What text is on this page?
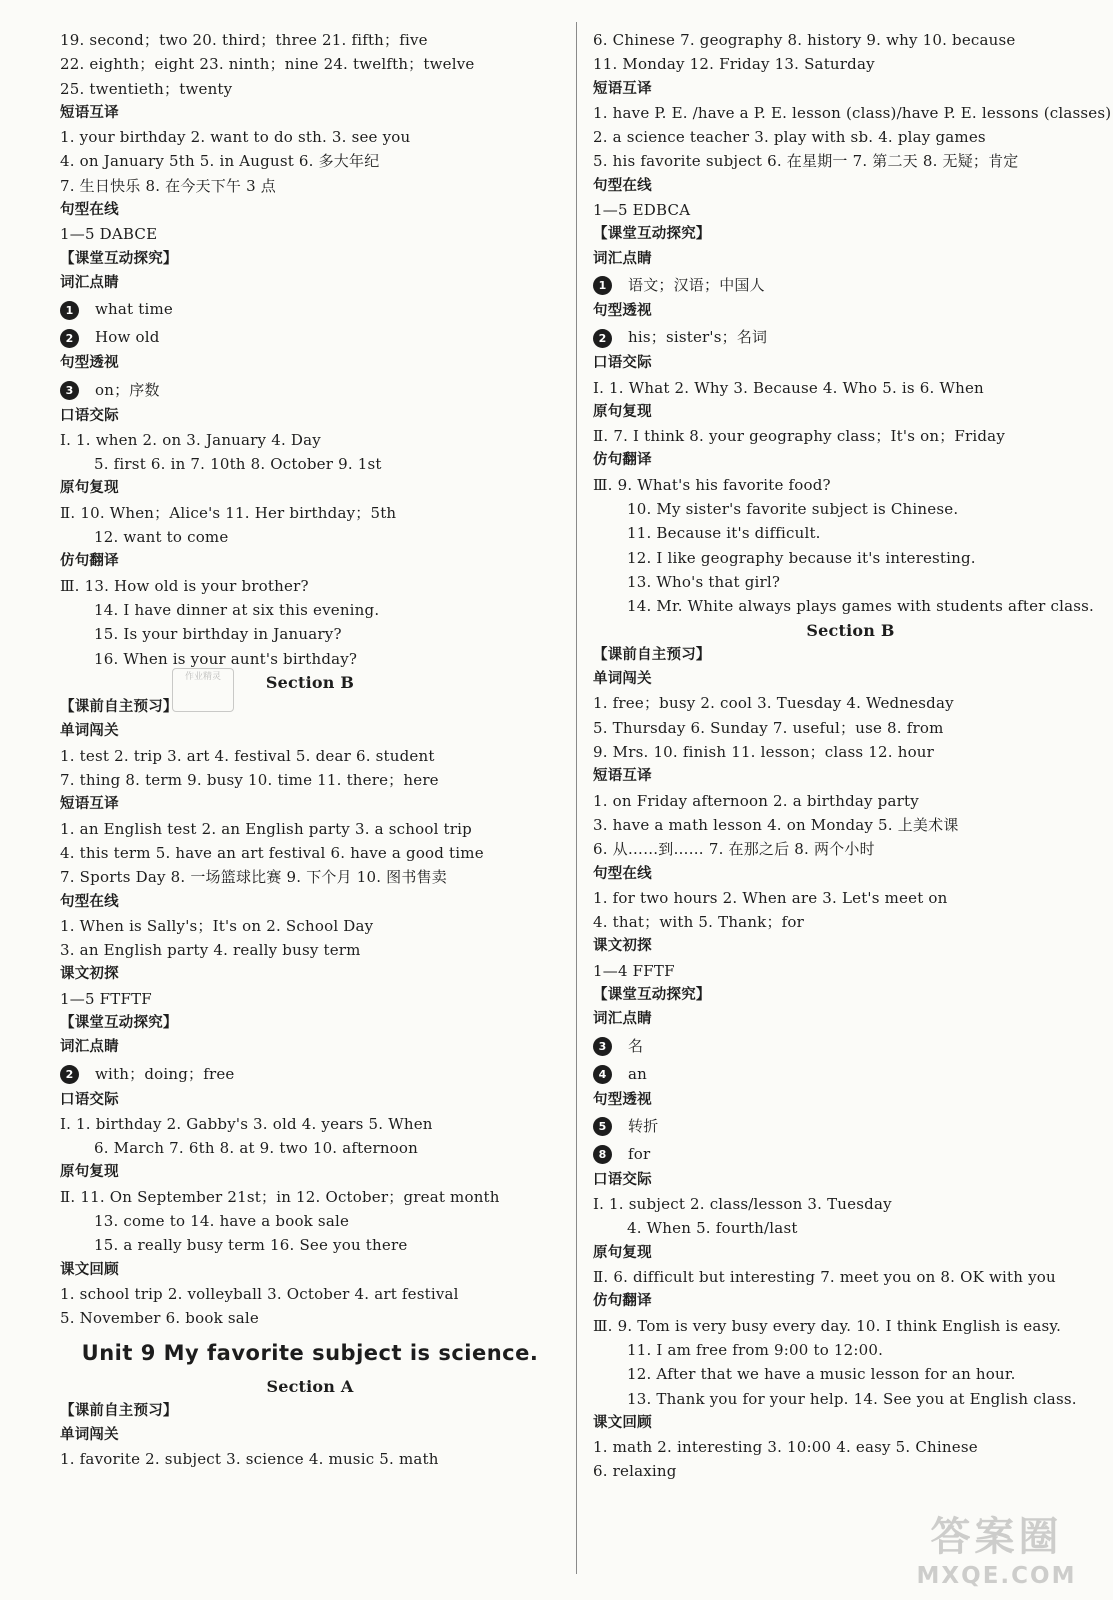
19. second；two 20. third；three 21. fifth；five
22. eighth；eight 23. ninth；nine 24. twelfth；twelve
25. twentieth；twenty
短语互译
1. your birthday 2. want to do sth. 3. see you
4. on January 5th 5. in August 6. 多大年纪
7. 生日快乐 8. 在今天下午 3 点
句型在线
1—5 DABCE
【课堂互动探究】
词汇点睛
1 what time
2 How old
句型透视
3 on；序数
口语交际
Ⅰ. 1. when 2. on 3. January 4. Day
5. first 6. in 7. 10th 8. October 9. 1st
原句复现
Ⅱ. 10. When；Alice's 11. Her birthday；5th
12. want to come
仿句翻译
Ⅲ. 13. How old is your brother?
14. I have dinner at six this evening.
15. Is your birthday in January?
16. When is your aunt's birthday?
Section B
【课前自主预习】
单词闯关
1. test 2. trip 3. art 4. festival 5. dear 6. student
7. thing 8. term 9. busy 10. time 11. there；here
短语互译
1. an English test 2. an English party 3. a school trip
4. this term 5. have an art festival 6. have a good time
7. Sports Day 8. 一场篮球比赛 9. 下个月 10. 图书售卖
句型在线
1. When is Sally's；It's on 2. School Day
3. an English party 4. really busy term
课文初探
1—5 FTFTF
【课堂互动探究】
词汇点睛
2 with；doing；free
口语交际
Ⅰ. 1. birthday 2. Gabby's 3. old 4. years 5. When
6. March 7. 6th 8. at 9. two 10. afternoon
原句复现
Ⅱ. 11. On September 21st；in 12. October；great month
13. come to 14. have a book sale
15. a really busy term 16. See you there
课文回顾
1. school trip 2. volleyball 3. October 4. art festival
5. November 6. book sale
Unit 9 My favorite subject is science.
Section A
【课前自主预习】
单词闯关
1. favorite 2. subject 3. science 4. music 5. math
6. Chinese 7. geography 8. history 9. why 10. because
11. Monday 12. Friday 13. Saturday
短语互译
1. have P. E. /have a P. E. lesson (class)/have P. E. lessons (classes)
2. a science teacher 3. play with sb. 4. play games
5. his favorite subject 6. 在星期一 7. 第二天 8. 无疑；肯定
句型在线
1—5 EDBCA
【课堂互动探究】
词汇点睛
1 语文；汉语；中国人
句型透视
2 his；sister's；名词
口语交际
Ⅰ. 1. What 2. Why 3. Because 4. Who 5. is 6. When
原句复现
Ⅱ. 7. I think 8. your geography class；It's on；Friday
仿句翻译
Ⅲ. 9. What's his favorite food?
10. My sister's favorite subject is Chinese.
11. Because it's difficult.
12. I like geography because it's interesting.
13. Who's that girl?
14. Mr. White always plays games with students after class.
Section B
【课前自主预习】
单词闯关
1. free；busy 2. cool 3. Tuesday 4. Wednesday
5. Thursday 6. Sunday 7. useful；use 8. from
9. Mrs. 10. finish 11. lesson；class 12. hour
短语互译
1. on Friday afternoon 2. a birthday party
3. have a math lesson 4. on Monday 5. 上美术课
6. 从……到…… 7. 在那之后 8. 两个小时
句型在线
1. for two hours 2. When are 3. Let's meet on
4. that；with 5. Thank；for
课文初探
1—4 FFTF
【课堂互动探究】
词汇点睛
3 名
4 an
句型透视
5 转折
8 for
口语交际
Ⅰ. 1. subject 2. class/lesson 3. Tuesday
4. When 5. fourth/last
原句复现
Ⅱ. 6. difficult but interesting 7. meet you on 8. OK with you
仿句翻译
Ⅲ. 9. Tom is very busy every day. 10. I think English is easy.
11. I am free from 9:00 to 12:00.
12. After that we have a music lesson for an hour.
13. Thank you for your help. 14. See you at English class.
课文回顾
1. math 2. interesting 3. 10:00 4. easy 5. Chinese
6. relaxing
作业精灵
答案圈
MXQE.COM
